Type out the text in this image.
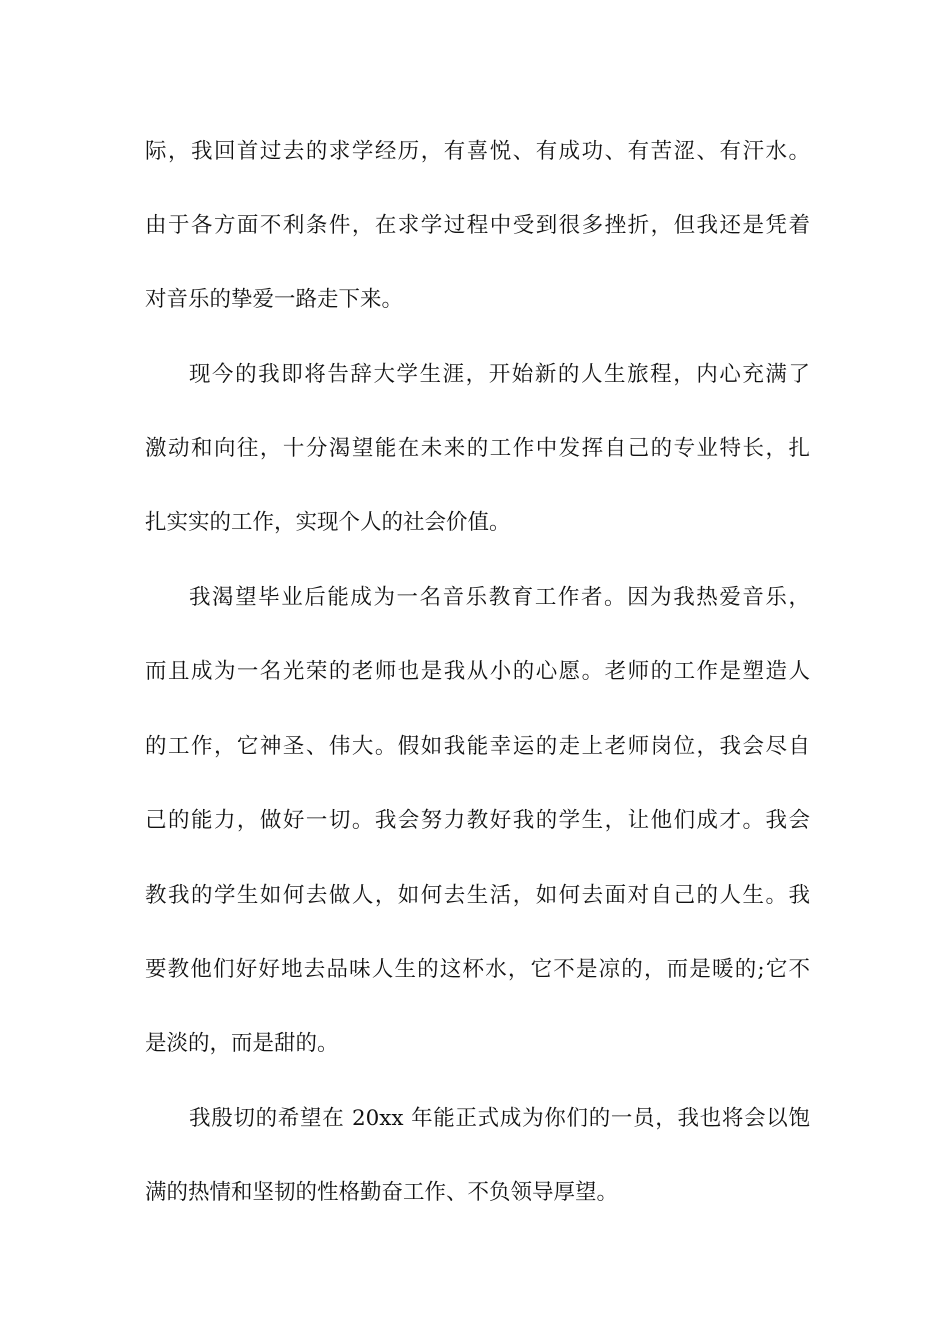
际，我回首过去的求学经历，有喜悦、有成功、有苦涩、有汗水。
由于各方面不利条件，在求学过程中受到很多挫折，但我还是凭着
对音乐的挚爱一路走下来。
现今的我即将告辞大学生涯，开始新的人生旅程，内心充满了
激动和向往，十分渴望能在未来的工作中发挥自己的专业特长，扎
扎实实的工作，实现个人的社会价值。
我渴望毕业后能成为一名音乐教育工作者。因为我热爱音乐，
而且成为一名光荣的老师也是我从小的心愿。老师的工作是塑造人
的工作，它神圣、伟大。假如我能幸运的走上老师岗位，我会尽自
己的能力，做好一切。我会努力教好我的学生，让他们成才。我会
教我的学生如何去做人，如何去生活，如何去面对自己的人生。我
要教他们好好地去品味人生的这杯水，它不是凉的，而是暖的;它不
是淡的，而是甜的。
我殷切的希望在 20xx 年能正式成为你们的一员，我也将会以饱
满的热情和坚韧的性格勤奋工作、不负领导厚望。
